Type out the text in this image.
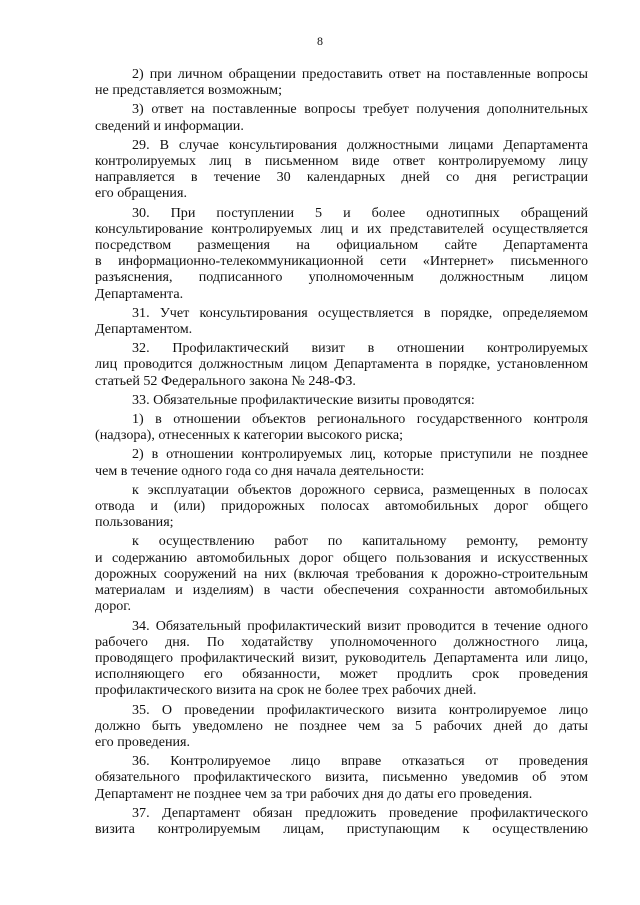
8
2) при личном обращении предоставить ответ на поставленные вопросы
не представляется возможным;
3) ответ на поставленные вопросы требует получения дополнительных
сведений и информации.
29. В случае консультирования должностными лицами Департамента
контролируемых лиц в письменном виде ответ контролируемому лицу
направляется в течение 30 календарных дней со дня регистрации
его обращения.
30. При поступлении 5 и более однотипных обращений
консультирование контролируемых лиц и их представителей осуществляется
посредством размещения на официальном сайте Департамента
в информационно-телекоммуникационной сети «Интернет» письменного
разъяснения, подписанного уполномоченным должностным лицом
Департамента.
31. Учет консультирования осуществляется в порядке, определяемом
Департаментом.
32. Профилактический визит в отношении контролируемых
лиц проводится должностным лицом Департамента в порядке, установленном
статьей 52 Федерального закона № 248-ФЗ.
33. Обязательные профилактические визиты проводятся:
1) в отношении объектов регионального государственного контроля
(надзора), отнесенных к категории высокого риска;
2) в отношении контролируемых лиц, которые приступили не позднее
чем в течение одного года со дня начала деятельности:
к эксплуатации объектов дорожного сервиса, размещенных в полосах
отвода и (или) придорожных полосах автомобильных дорог общего
пользования;
к осуществлению работ по капитальному ремонту, ремонту
и содержанию автомобильных дорог общего пользования и искусственных
дорожных сооружений на них (включая требования к дорожно-строительным
материалам и изделиям) в части обеспечения сохранности автомобильных
дорог.
34. Обязательный профилактический визит проводится в течение одного
рабочего дня. По ходатайству уполномоченного должностного лица,
проводящего профилактический визит, руководитель Департамента или лицо,
исполняющего его обязанности, может продлить срок проведения
профилактического визита на срок не более трех рабочих дней.
35. О проведении профилактического визита контролируемое лицо
должно быть уведомлено не позднее чем за 5 рабочих дней до даты
его проведения.
36. Контролируемое лицо вправе отказаться от проведения
обязательного профилактического визита, письменно уведомив об этом
Департамент не позднее чем за три рабочих дня до даты его проведения.
37. Департамент обязан предложить проведение профилактического
визита контролируемым лицам, приступающим к осуществлению
